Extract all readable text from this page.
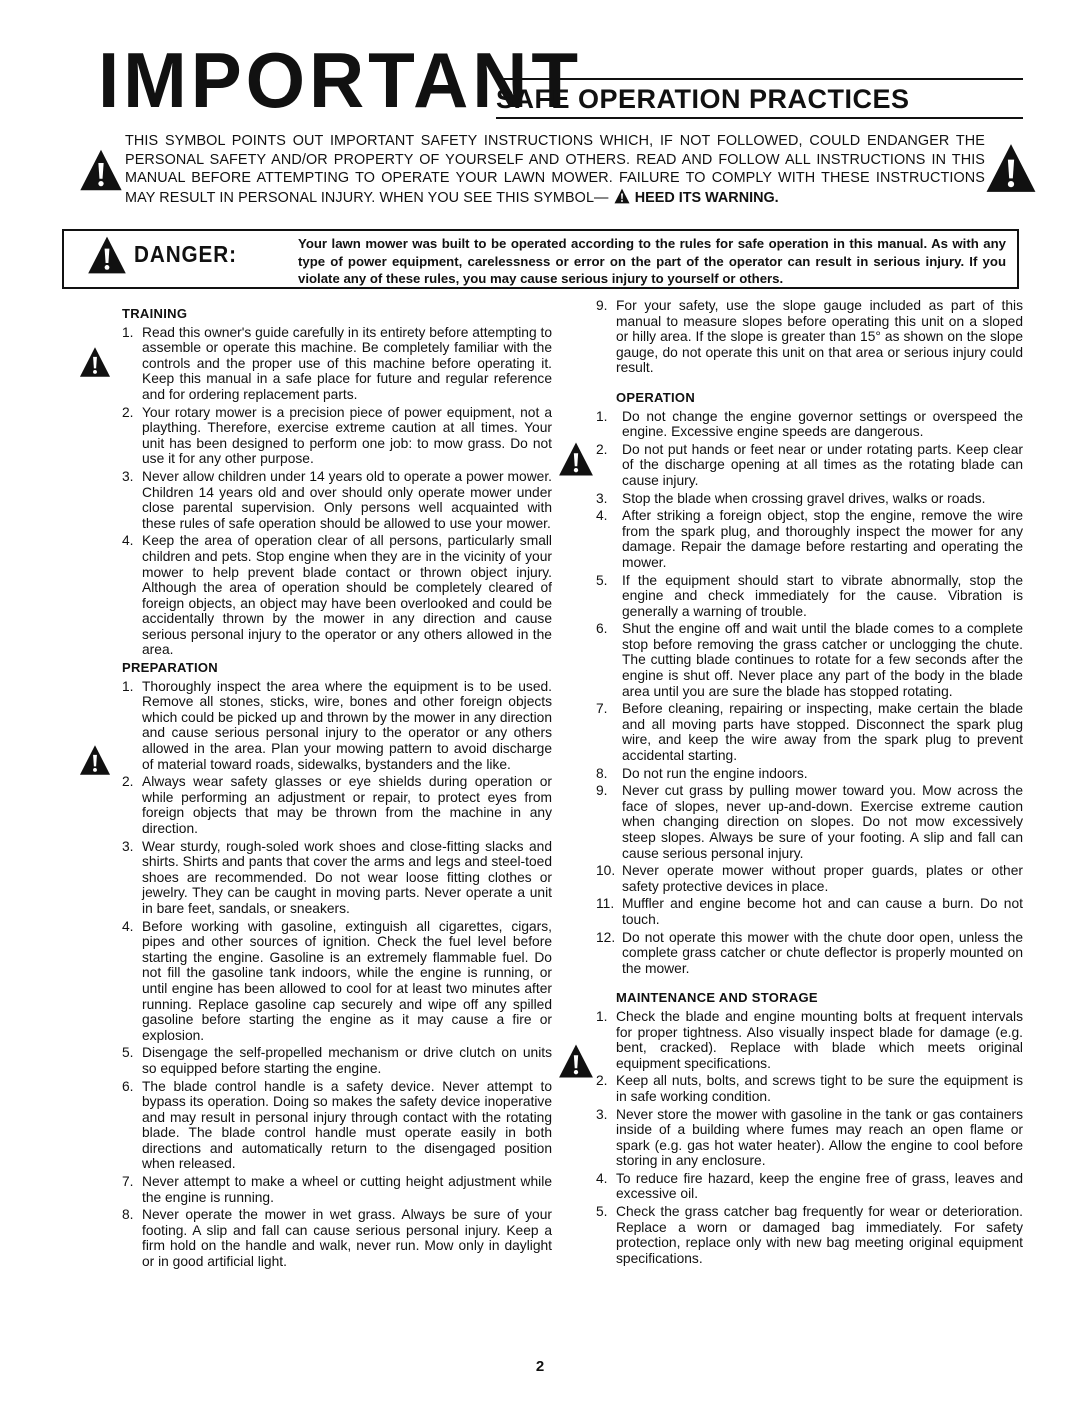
IMPORTANT
SAFE OPERATION PRACTICES
THIS SYMBOL POINTS OUT IMPORTANT SAFETY INSTRUCTIONS WHICH, IF NOT FOLLOWED, COULD ENDANGER THE PERSONAL SAFETY AND/OR PROPERTY OF YOURSELF AND OTHERS. READ AND FOLLOW ALL INSTRUCTIONS IN THIS MANUAL BEFORE ATTEMPTING TO OPERATE YOUR LAWN MOWER. FAILURE TO COMPLY WITH THESE INSTRUCTIONS MAY RESULT IN PERSONAL INJURY. WHEN YOU SEE THIS SYMBOL— HEED ITS WARNING.
DANGER:	Your lawn mower was built to be operated according to the rules for safe operation in this manual. As with any type of power equipment, carelessness or error on the part of the operator can result in serious injury. If you violate any of these rules, you may cause serious injury to yourself or others.
TRAINING
1. Read this owner's guide carefully in its entirety before attempting to assemble or operate this machine. Be completely familiar with the controls and the proper use of this machine before operating it. Keep this manual in a safe place for future and regular reference and for ordering replacement parts.
2. Your rotary mower is a precision piece of power equipment, not a plaything. Therefore, exercise extreme caution at all times. Your unit has been designed to perform one job: to mow grass. Do not use it for any other purpose.
3. Never allow children under 14 years old to operate a power mower. Children 14 years old and over should only operate mower under close parental supervision. Only persons well acquainted with these rules of safe operation should be allowed to use your mower.
4. Keep the area of operation clear of all persons, particularly small children and pets. Stop engine when they are in the vicinity of your mower to help prevent blade contact or thrown object injury. Although the area of operation should be completely cleared of foreign objects, an object may have been overlooked and could be accidentally thrown by the mower in any direction and cause serious personal injury to the operator or any others allowed in the area.
PREPARATION
1. Thoroughly inspect the area where the equipment is to be used. Remove all stones, sticks, wire, bones and other foreign objects which could be picked up and thrown by the mower in any direction and cause serious personal injury to the operator or any others allowed in the area. Plan your mowing pattern to avoid discharge of material toward roads, sidewalks, bystanders and the like.
2. Always wear safety glasses or eye shields during operation or while performing an adjustment or repair, to protect eyes from foreign objects that may be thrown from the machine in any direction.
3. Wear sturdy, rough-soled work shoes and close-fitting slacks and shirts. Shirts and pants that cover the arms and legs and steel-toed shoes are recommended. Do not wear loose fitting clothes or jewelry. They can be caught in moving parts. Never operate a unit in bare feet, sandals, or sneakers.
4. Before working with gasoline, extinguish all cigarettes, cigars, pipes and other sources of ignition. Check the fuel level before starting the engine. Gasoline is an extremely flammable fuel. Do not fill the gasoline tank indoors, while the engine is running, or until engine has been allowed to cool for at least two minutes after running. Replace gasoline cap securely and wipe off any spilled gasoline before starting the engine as it may cause a fire or explosion.
5. Disengage the self-propelled mechanism or drive clutch on units so equipped before starting the engine.
6. The blade control handle is a safety device. Never attempt to bypass its operation. Doing so makes the safety device inoperative and may result in personal injury through contact with the rotating blade. The blade control handle must operate easily in both directions and automatically return to the disengaged position when released.
7. Never attempt to make a wheel or cutting height adjustment while the engine is running.
8. Never operate the mower in wet grass. Always be sure of your footing. A slip and fall can cause serious personal injury. Keep a firm hold on the handle and walk, never run. Mow only in daylight or in good artificial light.
9. For your safety, use the slope gauge included as part of this manual to measure slopes before operating this unit on a sloped or hilly area. If the slope is greater than 15° as shown on the slope gauge, do not operate this unit on that area or serious injury could result.
OPERATION
1.	Do not change the engine governor settings or overspeed the engine. Excessive engine speeds are dangerous.
2.	Do not put hands or feet near or under rotating parts. Keep clear of the discharge opening at all times as the rotating blade can cause injury.
3.	Stop the blade when crossing gravel drives, walks or roads.
4.	After striking a foreign object, stop the engine, remove the wire from the spark plug, and thoroughly inspect the mower for any damage. Repair the damage before restarting and operating the mower.
5.	If the equipment should start to vibrate abnormally, stop the engine and check immediately for the cause. Vibration is generally a warning of trouble.
6.	Shut the engine off and wait until the blade comes to a complete stop before removing the grass catcher or unclogging the chute. The cutting blade continues to rotate for a few seconds after the engine is shut off. Never place any part of the body in the blade area until you are sure the blade has stopped rotating.
7.	Before cleaning, repairing or inspecting, make certain the blade and all moving parts have stopped. Disconnect the spark plug wire, and keep the wire away from the spark plug to prevent accidental starting.
8.	Do not run the engine indoors.
9.	Never cut grass by pulling mower toward you. Mow across the face of slopes, never up-and-down. Exercise extreme caution when changing direction on slopes. Do not mow excessively steep slopes. Always be sure of your footing. A slip and fall can cause serious personal injury.
10. Never operate mower without proper guards, plates or other safety protective devices in place.
11. Muffler and engine become hot and can cause a burn. Do not touch.
12. Do not operate this mower with the chute door open, unless the complete grass catcher or chute deflector is properly mounted on the mower.
MAINTENANCE AND STORAGE
1. Check the blade and engine mounting bolts at frequent intervals for proper tightness. Also visually inspect blade for damage (e.g. bent, cracked). Replace with blade which meets original equipment specifications.
2. Keep all nuts, bolts, and screws tight to be sure the equipment is in safe working condition.
3. Never store the mower with gasoline in the tank or gas containers inside of a building where fumes may reach an open flame or spark (e.g. gas hot water heater). Allow the engine to cool before storing in any enclosure.
4. To reduce fire hazard, keep the engine free of grass, leaves and excessive oil.
5. Check the grass catcher bag frequently for wear or deterioration. Replace a worn or damaged bag immediately. For safety protection, replace only with new bag meeting original equipment specifications.
2
